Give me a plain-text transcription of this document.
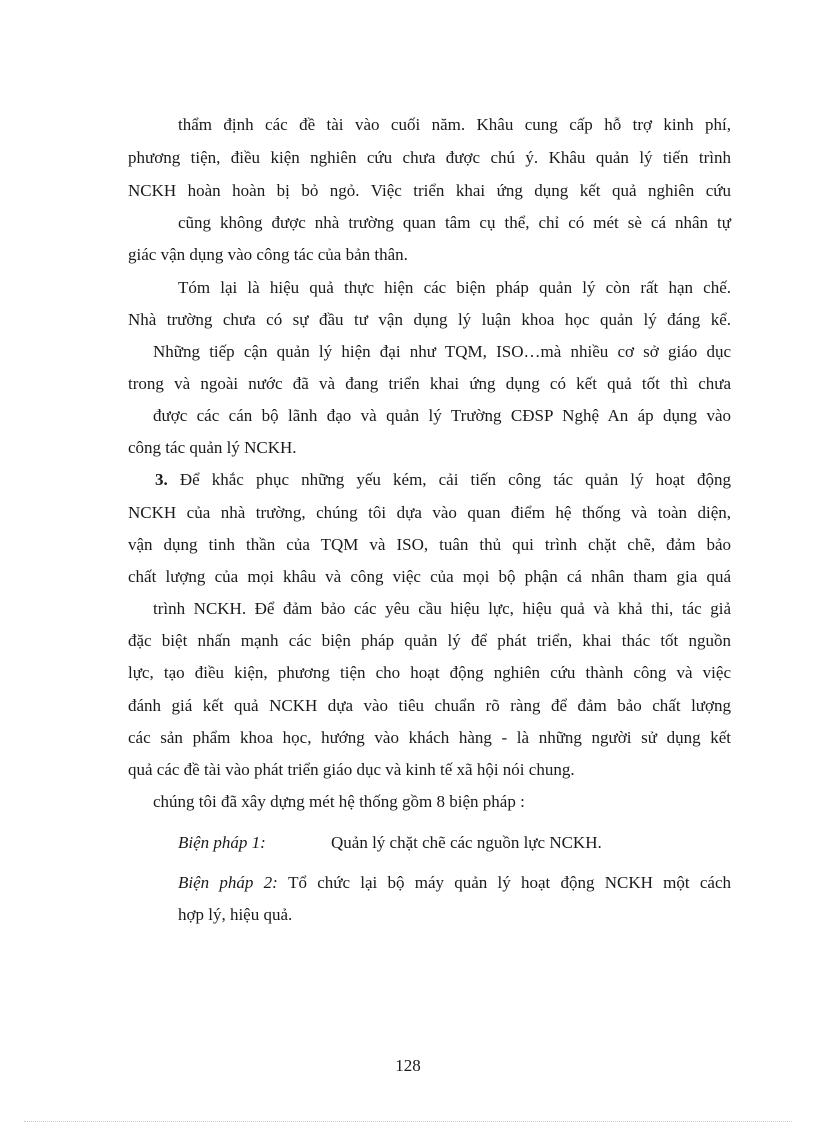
thẩm định các đề tài vào cuối năm. Khâu cung cấp hỗ trợ kinh phí,

phương tiện, điều kiện nghiên cứu chưa được chú ý. Khâu quản lý tiến trình

NCKH hoàn hoàn bị bỏ ngỏ. Việc triển khai ứng dụng kết quả nghiên cứu

cũng không được nhà trường quan tâm cụ thể, chỉ có mét sè cá nhân tự

giác vận dụng vào công tác của bản thân.

Tóm lại là hiệu quả thực hiện các biện pháp quản lý còn rất hạn chế.

Nhà trường chưa có sự đầu tư vận dụng lý luận khoa học quản lý đáng kể.

Những tiếp cận quản lý hiện đại như TQM, ISO…mà nhiều cơ sở giáo dục

trong và ngoài nước đã và đang triển khai ứng dụng có kết quả tốt thì chưa

được các cán bộ lãnh đạo và quản lý Trường CĐSP Nghệ An áp dụng vào

công tác quản lý NCKH.

3. Để khắc phục những yếu kém, cải tiến công tác quản lý hoạt động

NCKH của nhà trường, chúng tôi dựa vào quan điểm hệ thống và toàn diện,

vận dụng tinh thần của TQM và ISO, tuân thủ qui trình chặt chẽ, đảm bảo

chất lượng của mọi khâu và công việc của mọi bộ phận cá nhân tham gia quá

trình NCKH. Để đảm bảo các yêu cầu hiệu lực, hiệu quả và khả thi, tác giả

đặc biệt nhấn mạnh các biện pháp quản lý để phát triển, khai thác tốt nguồn

lực, tạo điều kiện, phương tiện cho hoạt động nghiên cứu thành công và việc

đánh giá kết quả NCKH dựa vào tiêu chuẩn rõ ràng để đảm bảo chất lượng

các sản phẩm khoa học, hướng vào khách hàng - là những người sử dụng kết

quả các đề tài vào phát triển giáo dục và kinh tế xã hội nói chung.

chúng tôi đã xây dựng mét hệ thống gồm 8 biện pháp :

Biện pháp 1:	Quản lý chặt chẽ các nguồn lực NCKH.

Biện pháp 2: Tổ chức lại bộ máy quản lý hoạt động NCKH một cách

hợp lý, hiệu quả.

128
